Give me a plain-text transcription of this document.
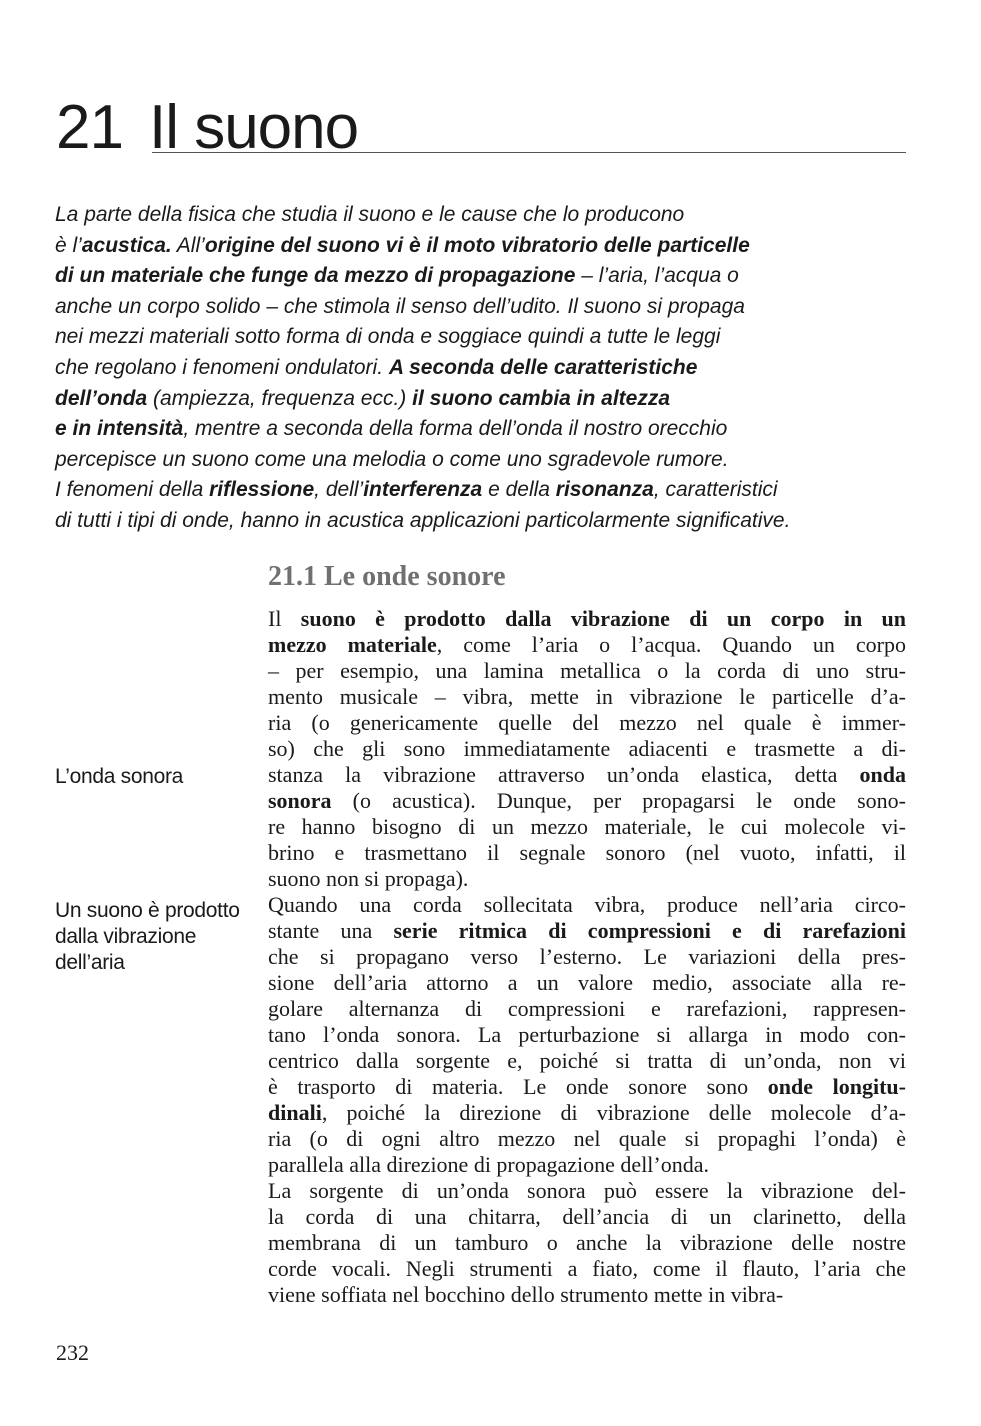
21 Il suono

La parte della fisica che studia il suono e le cause che lo producono
è l’acustica. All’origine del suono vi è il moto vibratorio delle particelle
di un materiale che funge da mezzo di propagazione – l’aria, l’acqua o
anche un corpo solido – che stimola il senso dell’udito. Il suono si propaga
nei mezzi materiali sotto forma di onda e soggiace quindi a tutte le leggi
che regolano i fenomeni ondulatori. A seconda delle caratteristiche
dell’onda (ampiezza, frequenza ecc.) il suono cambia in altezza
e in intensità, mentre a seconda della forma dell’onda il nostro orecchio
percepisce un suono come una melodia o come uno sgradevole rumore.
I fenomeni della riflessione, dell’interferenza e della risonanza, caratteristici
di tutti i tipi di onde, hanno in acustica applicazioni particolarmente significative.

21.1 Le onde sonore

Il suono è prodotto dalla vibrazione di un corpo in un
mezzo materiale, come l’aria o l’acqua. Quando un corpo
– per esempio, una lamina metallica o la corda di uno stru-
mento musicale – vibra, mette in vibrazione le particelle d’a-
ria (o genericamente quelle del mezzo nel quale è immer-
so) che gli sono immediatamente adiacenti e trasmette a di-
stanza la vibrazione attraverso un’onda elastica, detta onda
sonora (o acustica). Dunque, per propagarsi le onde sono-
re hanno bisogno di un mezzo materiale, le cui molecole vi-
brino e trasmettano il segnale sonoro (nel vuoto, infatti, il
suono non si propaga).

Quando una corda sollecitata vibra, produce nell’aria circo-
stante una serie ritmica di compressioni e di rarefazioni
che si propagano verso l’esterno. Le variazioni della pres-
sione dell’aria attorno a un valore medio, associate alla re-
golare alternanza di compressioni e rarefazioni, rappresen-
tano l’onda sonora. La perturbazione si allarga in modo con-
centrico dalla sorgente e, poiché si tratta di un’onda, non vi
è trasporto di materia. Le onde sonore sono onde longitu-
dinali, poiché la direzione di vibrazione delle molecole d’a-
ria (o di ogni altro mezzo nel quale si propaghi l’onda) è
parallela alla direzione di propagazione dell’onda.

La sorgente di un’onda sonora può essere la vibrazione del-
la corda di una chitarra, dell’ancia di un clarinetto, della
membrana di un tamburo o anche la vibrazione delle nostre
corde vocali. Negli strumenti a fiato, come il flauto, l’aria che
viene soffiata nel bocchino dello strumento mette in vibra-

L’onda sonora

Un suono è prodotto
dalla vibrazione
dell’aria

232
